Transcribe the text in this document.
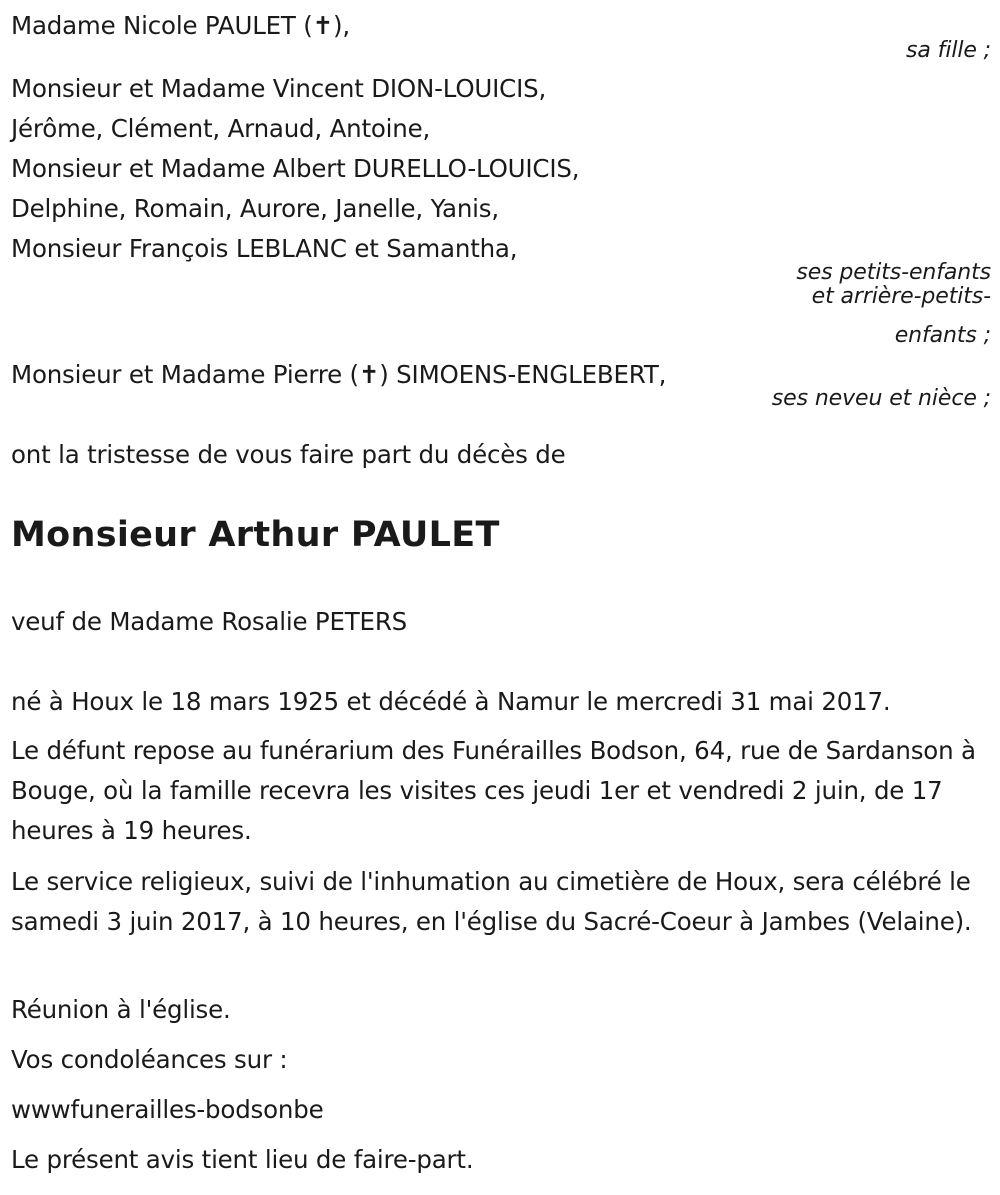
Madame Nicole PAULET (✝),
sa fille ;
Monsieur et Madame Vincent DION-LOUICIS,
Jérôme, Clément, Arnaud, Antoine,
Monsieur et Madame Albert DURELLO-LOUICIS,
Delphine, Romain, Aurore, Janelle, Yanis,
Monsieur François LEBLANC et Samantha,
ses petits-enfants
et arrière-petits-
enfants ;
Monsieur et Madame Pierre (✝) SIMOENS-ENGLEBERT,
ses neveu et nièce ;
ont la tristesse de vous faire part du décès de
Monsieur Arthur PAULET
veuf de Madame Rosalie PETERS
né à Houx le 18 mars 1925 et décédé à Namur le mercredi 31 mai 2017.
Le défunt repose au funérarium des Funérailles Bodson, 64, rue de Sardanson à Bouge, où la famille recevra les visites ces jeudi 1er et vendredi 2 juin, de 17 heures à 19 heures.
Le service religieux, suivi de l'inhumation au cimetière de Houx, sera célébré le samedi 3 juin 2017, à 10 heures, en l'église du Sacré-Coeur à Jambes (Velaine).
Réunion à l'église.
Vos condoléances sur :
wwwfunerailles-bodsonbe
Le présent avis tient lieu de faire-part.
